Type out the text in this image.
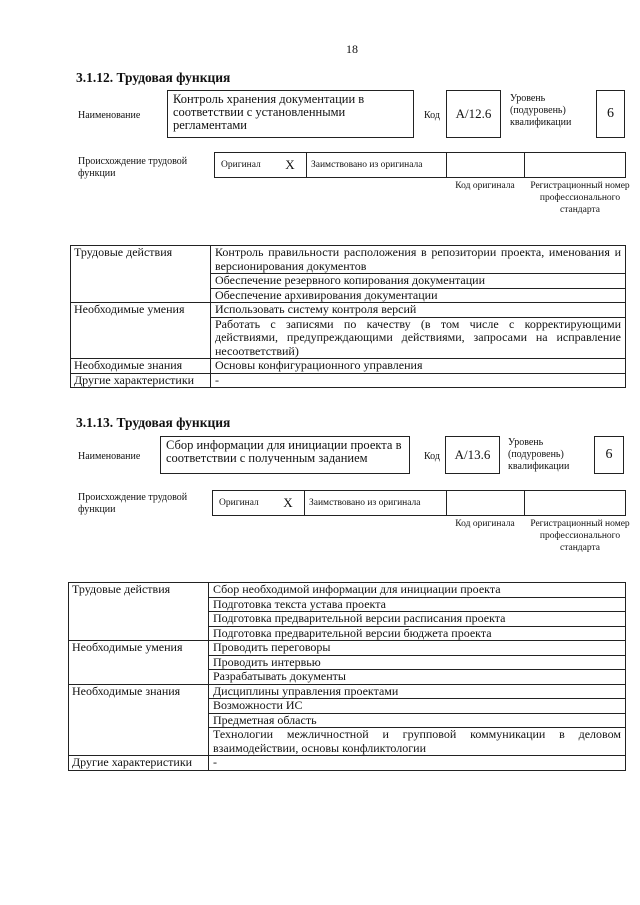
18
3.1.12. Трудовая функция
Наименование
Контроль хранения документации в соответствии с установленными регламентами
Код	А/12.6
Уровень (подуровень) квалификации
6
Происхождение трудовой функции
Оригинал	X	Заимствовано из оригинала
Код оригинала	Регистрационный номер профессионального стандарта
Трудовые действия	Контроль правильности расположения в репозитории проекта, именования и версионирования документов
	Обеспечение резервного копирования документации
	Обеспечение архивирования документации
Необходимые умения	Использовать систему контроля версий
	Работать с записями по качеству (в том числе с корректирующими действиями, предупреждающими действиями, запросами на исправление несоответствий)
Необходимые знания	Основы конфигурационного управления
Другие характеристики	-
3.1.13. Трудовая функция
Наименование
Сбор информации для инициации проекта в соответствии с полученным заданием	Код	А/13.6
Уровень (подуровень) квалификации
6
Происхождение трудовой функции
Оригинал	X	Заимствовано из оригинала
Код оригинала	Регистрационный номер профессионального стандарта
Трудовые действия	Сбор необходимой информации для инициации проекта
	Подготовка текста устава проекта
	Подготовка предварительной версии расписания проекта
	Подготовка предварительной версии бюджета проекта
Необходимые умения	Проводить переговоры
	Проводить интервью
	Разрабатывать документы
Необходимые знания	Дисциплины управления проектами
	Возможности ИС
	Предметная область
	Технологии межличностной и групповой коммуникации в деловом взаимодействии, основы конфликтологии
Другие характеристики	-
